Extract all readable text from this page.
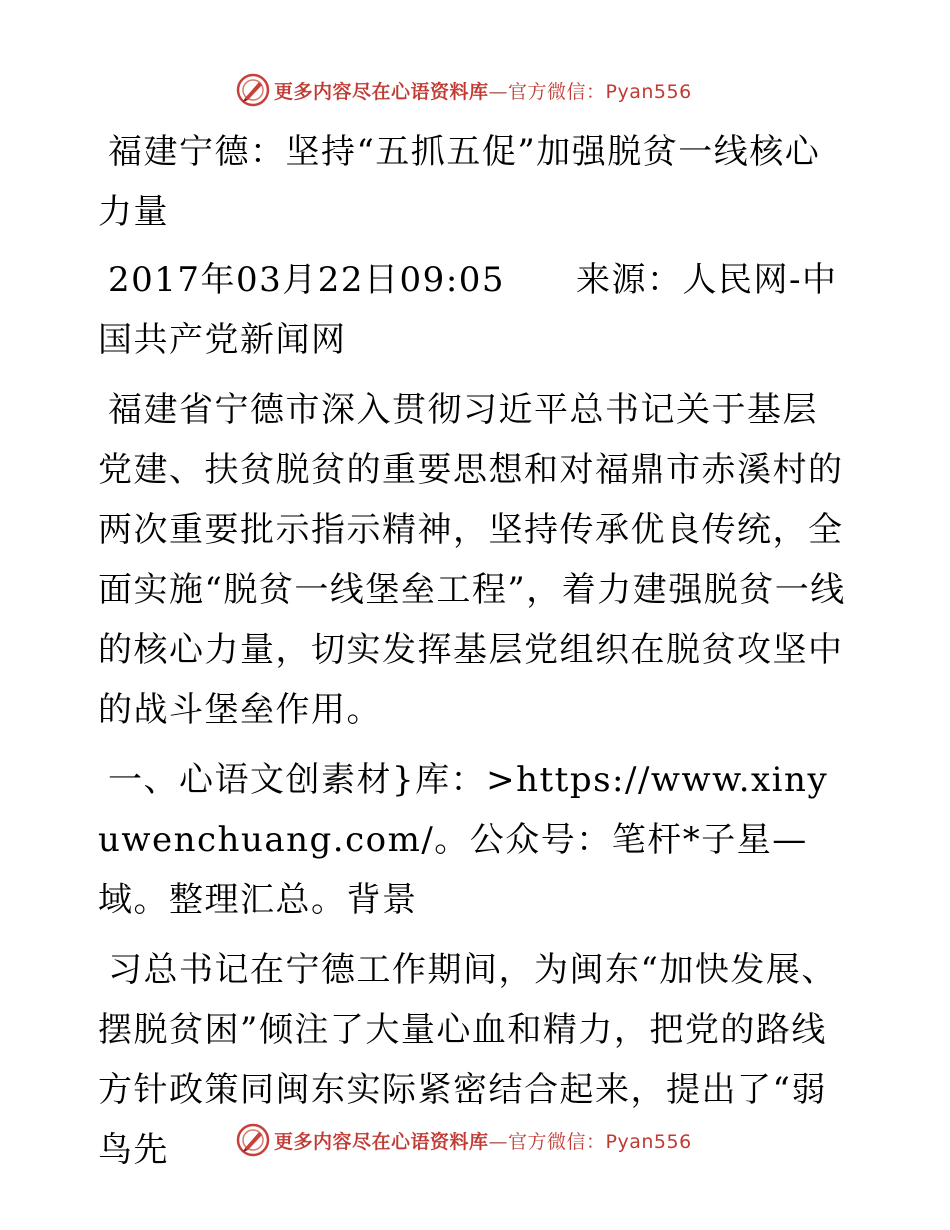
更多内容尽在心语资料库—官方微信：Pyan556

福建宁德：坚持“五抓五促”加强脱贫一线核心力量

2017年03月22日09:05　　来源：人民网-中国共产党新闻网

福建省宁德市深入贯彻习近平总书记关于基层党建、扶贫脱贫的重要思想和对福鼎市赤溪村的两次重要批示指示精神，坚持传承优良传统，全面实施“脱贫一线堡垒工程”，着力建强脱贫一线的核心力量，切实发挥基层党组织在脱贫攻坚中的战斗堡垒作用。

一、心语文创素材}库：>https://www.xinyuwenchuang.com/。公众号：笔杆*子星—域。整理汇总。背景

习总书记在宁德工作期间，为闽东“加快发展、摆脱贫困”倾注了大量心血和精力，把党的路线方针政策同闽东实际紧密结合起来，提出了“弱鸟先	更多内容尽在心语资料库—官方微信：Pyan556
